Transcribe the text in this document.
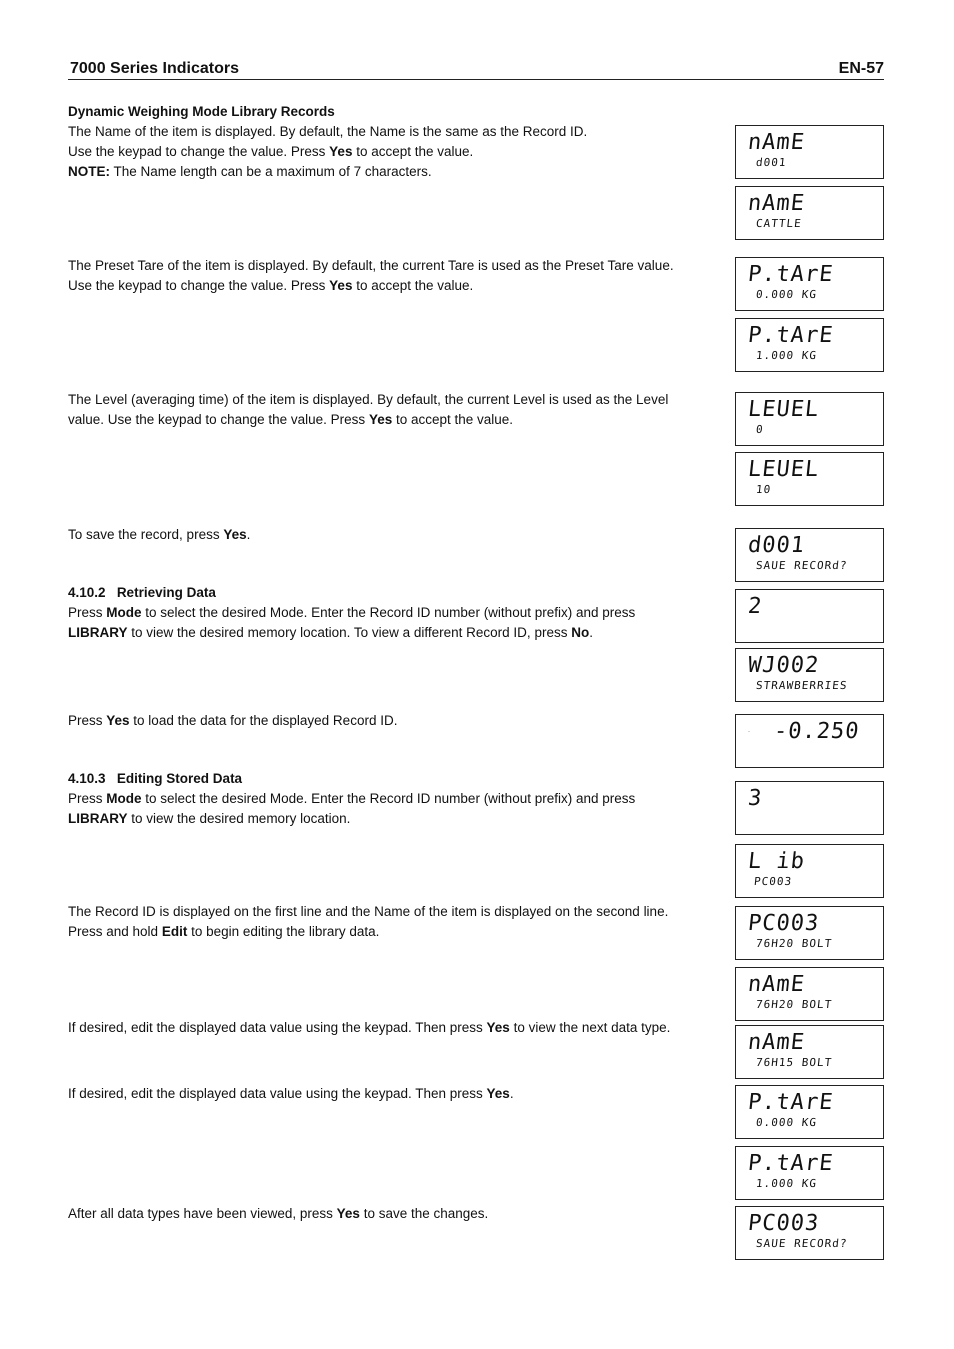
7000 Series Indicators	EN-57
Dynamic Weighing Mode Library Records
The Name of the item is displayed. By default, the Name is the same as the Record ID.
Use the keypad to change the value. Press Yes to accept the value.
NOTE: The Name length can be a maximum of 7 characters.
The Preset Tare of the item is displayed. By default, the current Tare is used as the Preset Tare value.
Use the keypad to change the value. Press Yes to accept the value.
The Level (averaging time) of the item is displayed. By default, the current Level is used as the Level
value. Use the keypad to change the value. Press Yes to accept the value.
To save the record, press Yes.
4.10.2 Retrieving Data
Press Mode to select the desired Mode. Enter the Record ID number (without prefix) and press
LIBRARY to view the desired memory location. To view a different Record ID, press No.
Press Yes to load the data for the displayed Record ID.
4.10.3 Editing Stored Data
Press Mode to select the desired Mode. Enter the Record ID number (without prefix) and press
LIBRARY to view the desired memory location.
The Record ID is displayed on the first line and the Name of the item is displayed on the second line.
Press and hold Edit to begin editing the library data.
If desired, edit the displayed data value using the keypad. Then press Yes to view the next data type.
If desired, edit the displayed data value using the keypad. Then press Yes.
After all data types have been viewed, press Yes to save the changes.
nAmE
d001
nAmE
CATTLE
P.tArE
0.000 KG
P.tArE
1.000 KG
LEUEL
0
LEUEL
10
d001
SAUE RECORd?
2
WJ002
STRAWBERRIES
· -0.250
3
L ib
PC003
PC003
76H20 BOLT
nAmE
76H20 BOLT
nAmE
76H15 BOLT
P.tArE
0.000 KG
P.tArE
1.000 KG
PC003
SAUE RECORd?
